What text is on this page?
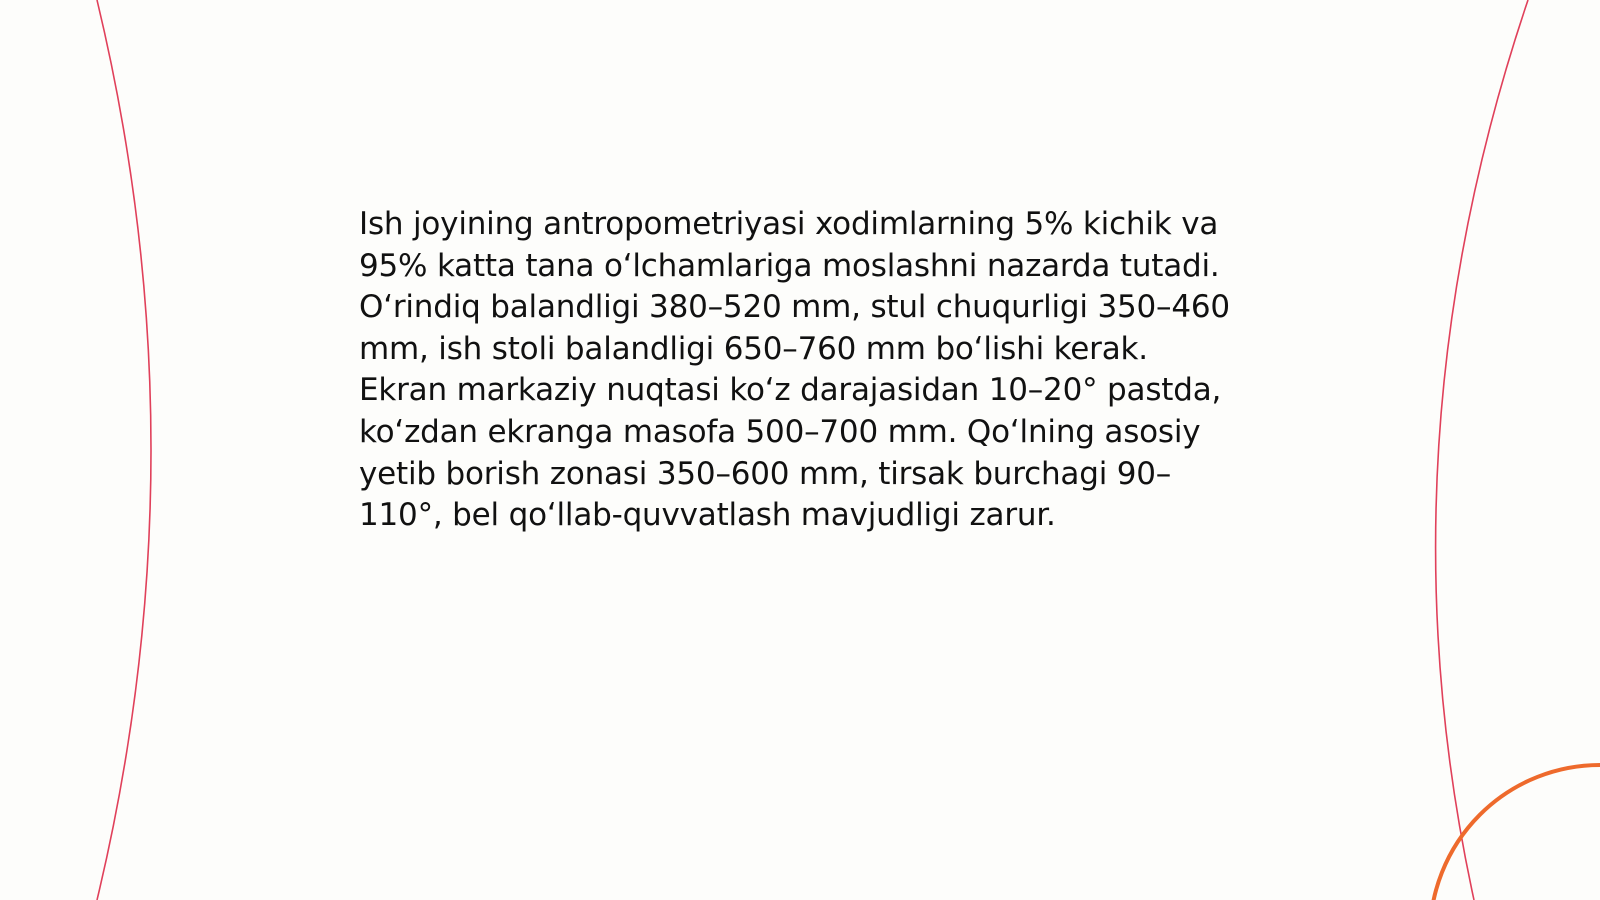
Ish joyining antropometriyasi xodimlarning 5% kichik va 95% katta tana oʻlchamlariga moslashni nazarda tutadi. Oʻrindiq balandligi 380–520 mm, stul chuqurligi 350–460 mm, ish stoli balandligi 650–760 mm boʻlishi kerak. Ekran markaziy nuqtasi koʻz darajasidan 10–20° pastda, koʻzdan ekranga masofa 500–700 mm. Qoʻlning asosiy yetib borish zonasi 350–600 mm, tirsak burchagi 90–110°, bel qoʻllab-quvvatlash mavjudligi zarur.
